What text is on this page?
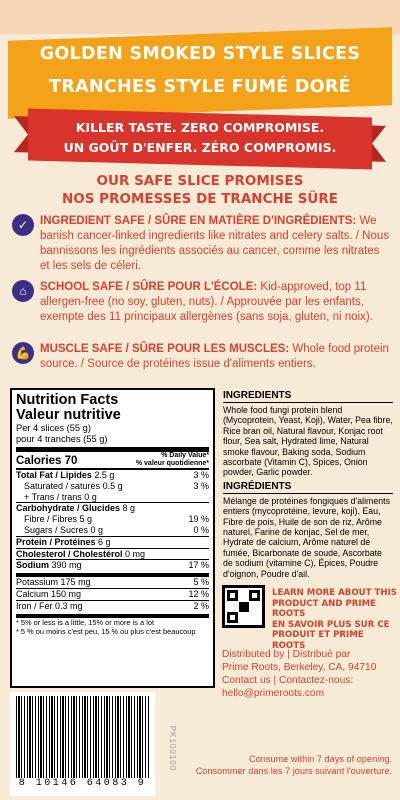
GOLDEN SMOKED STYLE SLICES
TRANCHES STYLE FUMÉ DORÉ
KILLER TASTE. ZERO COMPROMISE.
UN GOÛT D'ENFER. ZÉRO COMPROMIS.
OUR SAFE SLICE PROMISES
NOS PROMESSES DE TRANCHE SÛRE
✓	INGREDIENT SAFE / SÛRE EN MATIÈRE D'INGRÉDIENTS: We banish cancer-linked ingredients like nitrates and celery salts. / Nous bannissons les ingrédients associés au cancer, comme les nitrates et les sels de céleri.
⌂	SCHOOL SAFE / SÛRE POUR L'ÉCOLE: Kid-approved, top 11 allergen-free (no soy, gluten, nuts). / Approuvée par les enfants, exempte des 11 principaux allergènes (sans soja, gluten, ni noix).
💪 MUSCLE SAFE / SÛRE POUR LES MUSCLES: Whole food protein source. / Source de protéines issue d'aliments entiers.
Nutrition Facts
Valeur nutritive
Per 4 slices (55 g)
pour 4 tranches (55 g)
Calories 70	% Daily Value*
% valeur quotidienne*
Total Fat / Lipides 2.5 g	3 %
Saturated / saturés 0.5 g	3 %
+ Trans / trans 0 g
Carbohydrate / Glucides 8 g
Fibre / Fibres 5 g	19 %
Sugars / Sucres 0 g	0 %
Protein / Protéines 6 g
Cholesterol / Cholestérol 0 mg
Sodium 390 mg	17 %
Potassium 175 mg	5 %
Calcium 150 mg	12 %
Iron / Fer 0.3 mg	2 %
* 5% or less is a little, 15% or more is a lot
* 5 % ou moins c'est peu, 15 % ou plus c'est beaucoup
INGREDIENTS
Whole food fungi protein blend (Mycoprotein, Yeast, Koji), Water, Pea fibre, Rice bran oil, Natural flavour, Konjac root flour, Sea salt, Hydrated lime, Natural smoke flavour, Baking soda, Sodium ascorbate (Vitamin C), Spices, Onion powder, Garlic powder.
INGRÉDIENTS
Mélange de protéines fongiques d'aliments entiers (mycoprotéine, levure, koji), Eau, Fibre de pois, Huile de son de riz, Arôme naturel, Farine de konjac, Sel de mer, Hydrate de calcium, Arôme naturel de fumée, Bicarbonate de soude, Ascorbate de sodium (vitamine C), Épices, Poudre d'oignon, Poudre d'ail.
LEARN MORE ABOUT THIS PRODUCT AND PRIME ROOTS
EN SAVOIR PLUS SUR CE PRODUIT ET PRIME ROOTS
Distributed by | Distribué par
Prime Roots, Berkeley, CA, 94710
Contact us | Contactez-nous:
hello@primeroots.com
8 10146 64083 9
PK100100	Consume within 7 days of opening.
Consommer dans les 7 jours suivant l'ouverture.
